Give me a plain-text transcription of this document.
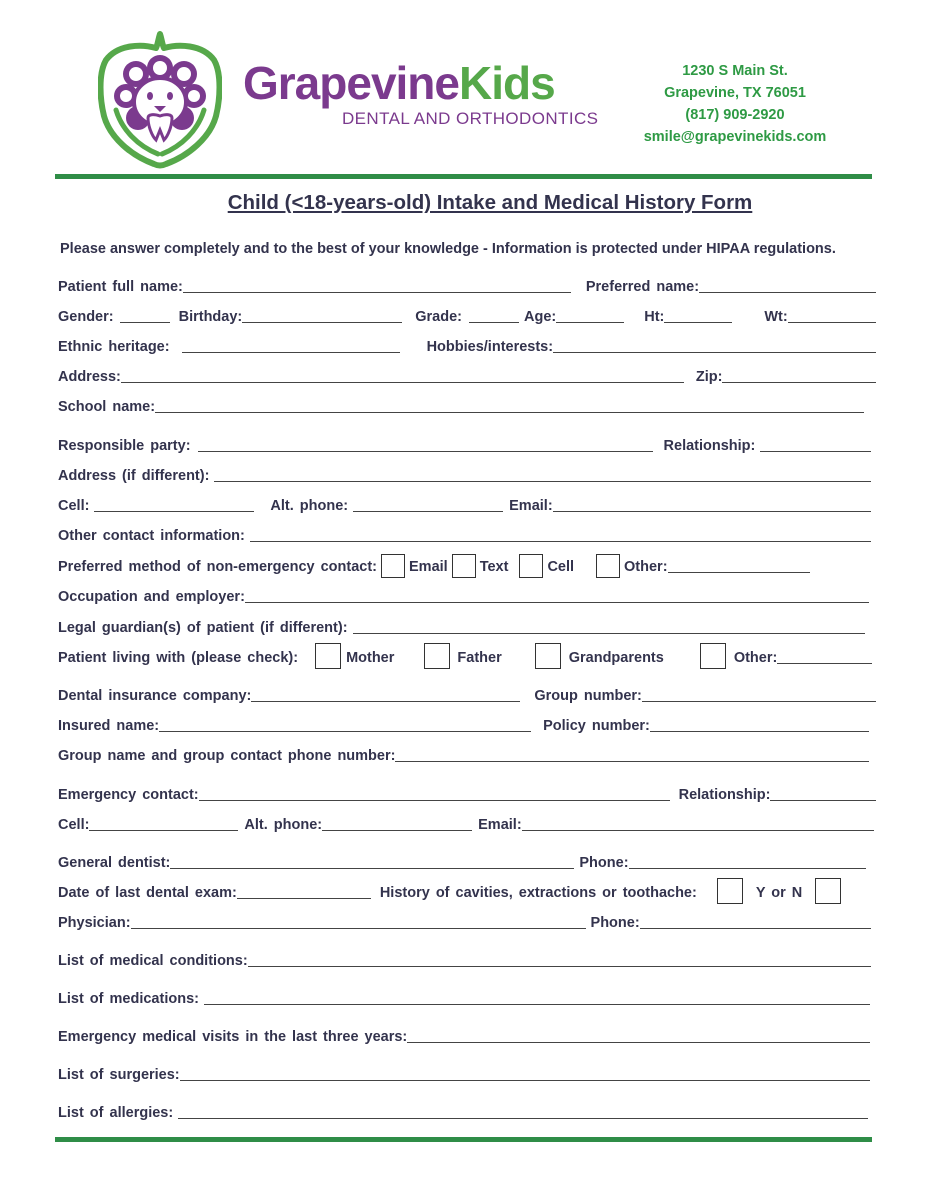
GrapevineKids
DENTAL AND ORTHODONTICS
1230 S Main St.
Grapevine, TX 76051
(817) 909-2920
smile@grapevinekids.com
Child (<18-years-old) Intake and Medical History Form
Please answer completely and to the best of your knowledge - Information is protected under HIPAA regulations.
Patient full name:	Preferred name:
Gender:	Birthday:	Grade:	Age:	Ht:	Wt:
Ethnic heritage:	Hobbies/interests:
Address:	Zip:
School name:
Responsible party:	Relationship:
Address (if different):
Cell:	Alt. phone:	Email:
Other contact information:
Preferred method of non-emergency contact: Email Text	Cell	Other:
Occupation and employer:
Legal guardian(s) of patient (if different):
Patient living with (please check):	Mother	Father	Grandparents	Other:
Dental insurance company:	Group number:
Insured name:	Policy number:
Group name and group contact phone number:
Emergency contact:	Relationship:
Cell:	Alt. phone:	Email:
General dentist:	Phone:
Date of last dental exam:	History of cavities, extractions or toothache:	Y or N
Physician:	Phone:
List of medical conditions:
List of medications:
Emergency medical visits in the last three years:
List of surgeries:
List of allergies:
